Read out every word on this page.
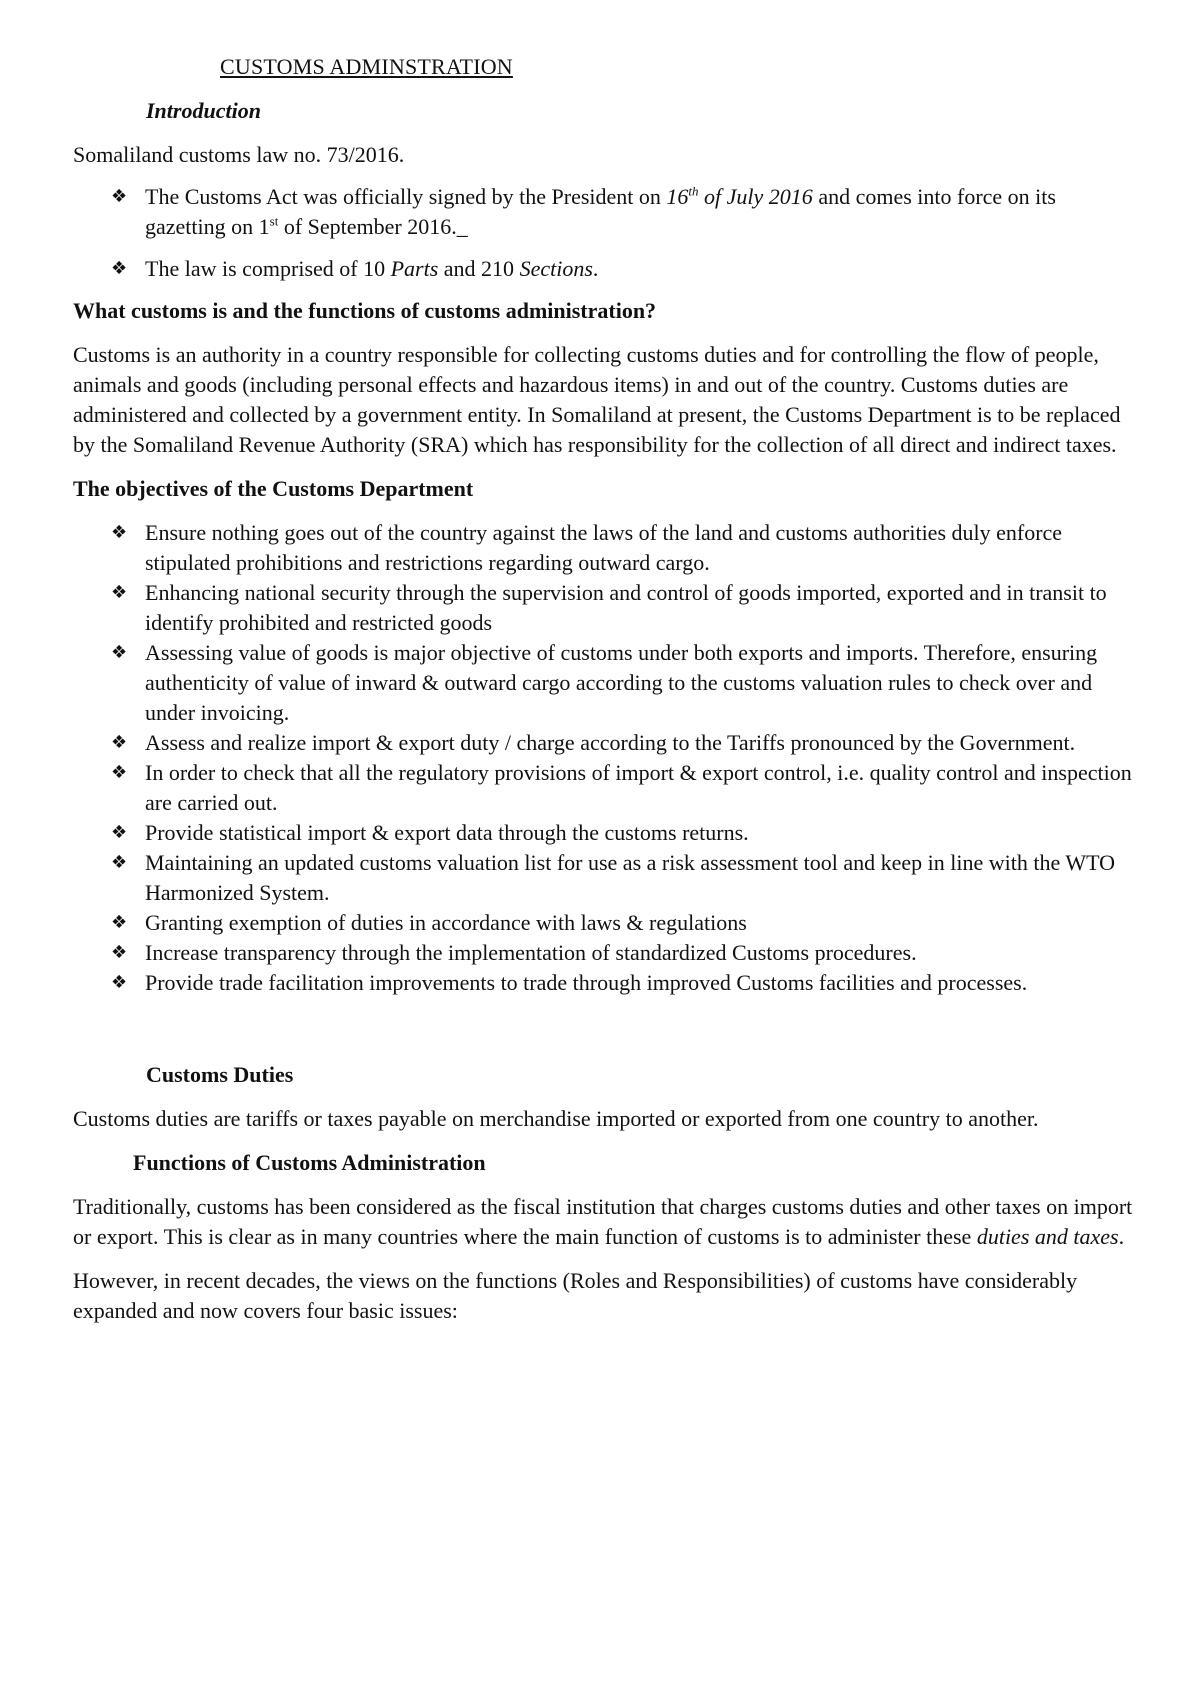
CUSTOMS ADMINSTRATION
Introduction

Somaliland customs law no. 73/2016.

❖ The Customs Act was officially signed by the President on 16th of July 2016 and comes into force on its gazetting on 1st of September 2016._
❖ The law is comprised of 10 Parts and 210 Sections.
What customs is and the functions of customs administration?

Customs is an authority in a country responsible for collecting customs duties and for controlling the flow of people, animals and goods (including personal effects and hazardous items) in and out of the country. Customs duties are administered and collected by a government entity. In Somaliland at present, the Customs Department is to be replaced by the Somaliland Revenue Authority (SRA) which has responsibility for the collection of all direct and indirect taxes.

The objectives of the Customs Department
❖ Ensure nothing goes out of the country against the laws of the land and customs authorities duly enforce stipulated prohibitions and restrictions regarding outward cargo.
❖ Enhancing national security through the supervision and control of goods imported, exported and in transit to identify prohibited and restricted goods
❖ Assessing value of goods is major objective of customs under both exports and imports. Therefore, ensuring authenticity of value of inward & outward cargo according to the customs valuation rules to check over and under invoicing.
❖ Assess and realize import & export duty / charge according to the Tariffs pronounced by the Government.
❖ In order to check that all the regulatory provisions of import & export control, i.e. quality control and inspection are carried out.
❖ Provide statistical import & export data through the customs returns.
❖ Maintaining an updated customs valuation list for use as a risk assessment tool and keep in line with the WTO Harmonized System.
❖ Granting exemption of duties in accordance with laws & regulations
❖ Increase transparency through the implementation of standardized Customs procedures.
❖ Provide trade facilitation improvements to trade through improved Customs facilities and processes.
Customs Duties

Customs duties are tariffs or taxes payable on merchandise imported or exported from one country to another.

Functions of Customs Administration

Traditionally, customs has been considered as the fiscal institution that charges customs duties and other taxes on import or export. This is clear as in many countries where the main function of customs is to administer these duties and taxes.

However, in recent decades, the views on the functions (Roles and Responsibilities) of customs have considerably expanded and now covers four basic issues:
